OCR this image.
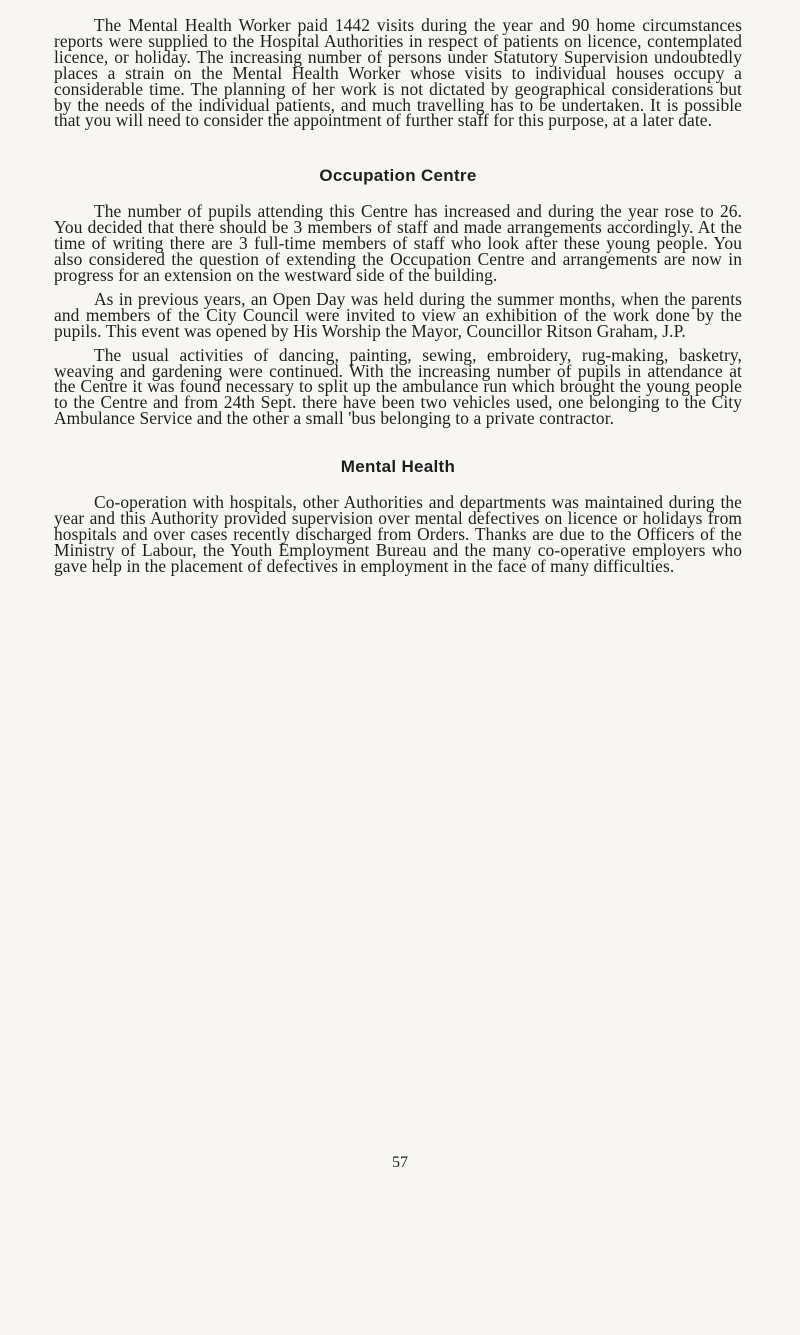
The Mental Health Worker paid 1442 visits during the year and 90 home circumstances reports were supplied to the Hospital Authorities in respect of patients on licence, contemplated licence, or holiday. The increasing number of persons under Statutory Supervision undoubtedly places a strain on the Mental Health Worker whose visits to individual houses occupy a considerable time. The planning of her work is not dictated by geographical considerations but by the needs of the individual patients, and much travelling has to be undertaken. It is possible that you will need to consider the appointment of further staff for this purpose, at a later date.

Occupation Centre

The number of pupils attending this Centre has increased and during the year rose to 26. You decided that there should be 3 members of staff and made arrangements accordingly. At the time of writing there are 3 full-time members of staff who look after these young people. You also considered the question of extending the Occupation Centre and arrangements are now in progress for an extension on the westward side of the building.

As in previous years, an Open Day was held during the summer months, when the parents and members of the City Council were invited to view an exhibition of the work done by the pupils. This event was opened by His Worship the Mayor, Councillor Ritson Graham, J.P.

The usual activities of dancing, painting, sewing, embroidery, rug-making, basketry, weaving and gardening were continued. With the increasing number of pupils in attendance at the Centre it was found necessary to split up the ambulance run which brought the young people to the Centre and from 24th Sept. there have been two vehicles used, one belonging to the City Ambulance Service and the other a small 'bus belonging to a private contractor.

Mental Health

Co-operation with hospitals, other Authorities and departments was maintained during the year and this Authority provided supervision over mental defectives on licence or holidays from hospitals and over cases recently discharged from Orders. Thanks are due to the Officers of the Ministry of Labour, the Youth Employment Bureau and the many co-operative employers who gave help in the placement of defectives in employment in the face of many difficulties.

57
